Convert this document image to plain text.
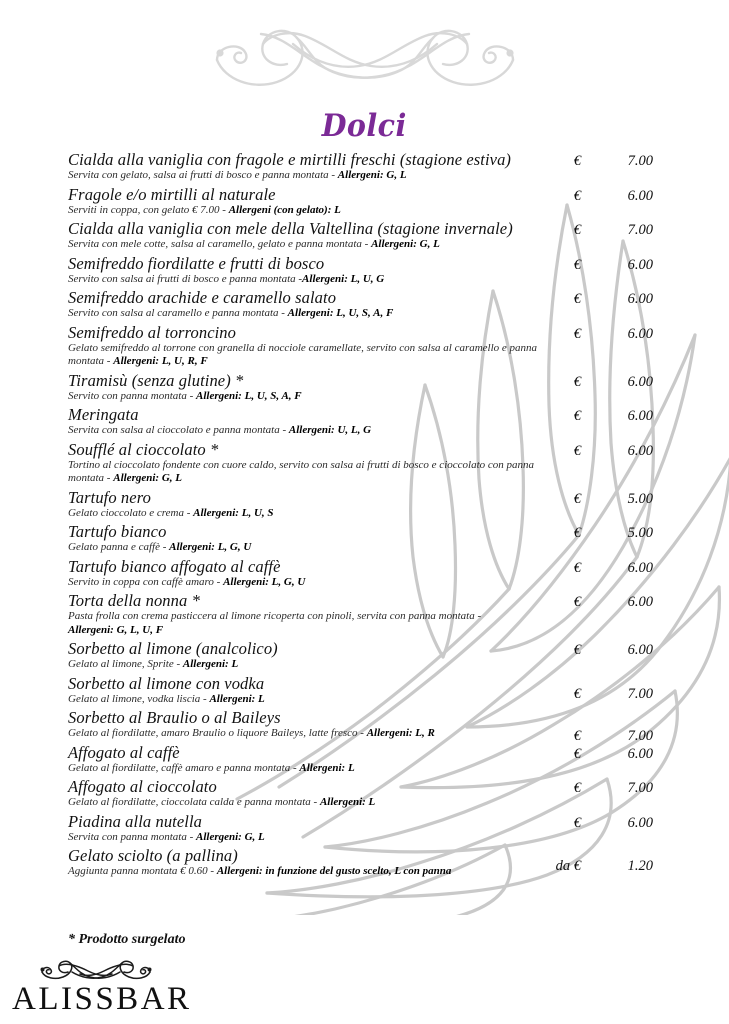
Dolci
Cialda alla vaniglia con fragole e mirtilli freschi (stagione estiva)
Servita con gelato, salsa ai frutti di bosco e panna montata - Allergeni: G, L
€	7.00
Fragole e/o mirtilli al naturale
Serviti in coppa, con gelato € 7.00 - Allergeni (con gelato): L
€	6.00
Cialda alla vaniglia con mele della Valtellina (stagione invernale)
Servita con mele cotte, salsa al caramello, gelato e panna montata - Allergeni: G, L
€	7.00
Semifreddo fiordilatte e frutti di bosco
Servito con salsa ai frutti di bosco e panna montata -Allergeni: L, U, G
€	6.00
Semifreddo arachide e caramello salato
Servito con salsa al caramello e panna montata - Allergeni: L, U, S, A, F
€	6.00
Semifreddo al torroncino
Gelato semifreddo al torrone con granella di nocciole caramellate, servito con salsa al caramello e panna montata - Allergeni: L, U, R, F
€	6.00
Tiramisù (senza glutine) *
Servito con panna montata - Allergeni: L, U, S, A, F
€	6.00
Meringata
Servita con salsa al cioccolato e panna montata - Allergeni: U, L, G
€	6.00
Soufflé al cioccolato *
Tortino al cioccolato fondente con cuore caldo, servito con salsa ai frutti di bosco e cioccolato con panna montata - Allergeni: G, L
€	6.00
Tartufo nero
Gelato cioccolato e crema - Allergeni: L, U, S
€	5.00
Tartufo bianco
Gelato panna e caffè - Allergeni: L, G, U
€	5.00
Tartufo bianco affogato al caffè
Servito in coppa con caffè amaro - Allergeni: L, G, U
€	6.00
Torta della nonna *
Pasta frolla con crema pasticcera al limone ricoperta con pinoli, servita con panna montata - Allergeni: G, L, U, F
€	6.00
Sorbetto al limone (analcolico)
Gelato al limone, Sprite - Allergeni: L
€	6.00
Sorbetto al limone con vodka
Gelato al limone, vodka liscia - Allergeni: L	€	7.00
Sorbetto al Braulio o al Baileys
Gelato al fiordilatte, amaro Braulio o liquore Baileys, latte fresco - Allergeni: L, R	€	7.00
Affogato al caffè
Gelato al fiordilatte, caffè amaro e panna montata - Allergeni: L
€	6.00
Affogato al cioccolato
Gelato al fiordilatte, cioccolata calda e panna montata - Allergeni: L
€	7.00
Piadina alla nutella
Servita con panna montata - Allergeni: G, L
€	6.00
Gelato sciolto (a pallina)
Aggiunta panna montata € 0.60 - Allergeni: in funzione del gusto scelto, L con panna	da €	1.20
* Prodotto surgelato
ALISSBAR
